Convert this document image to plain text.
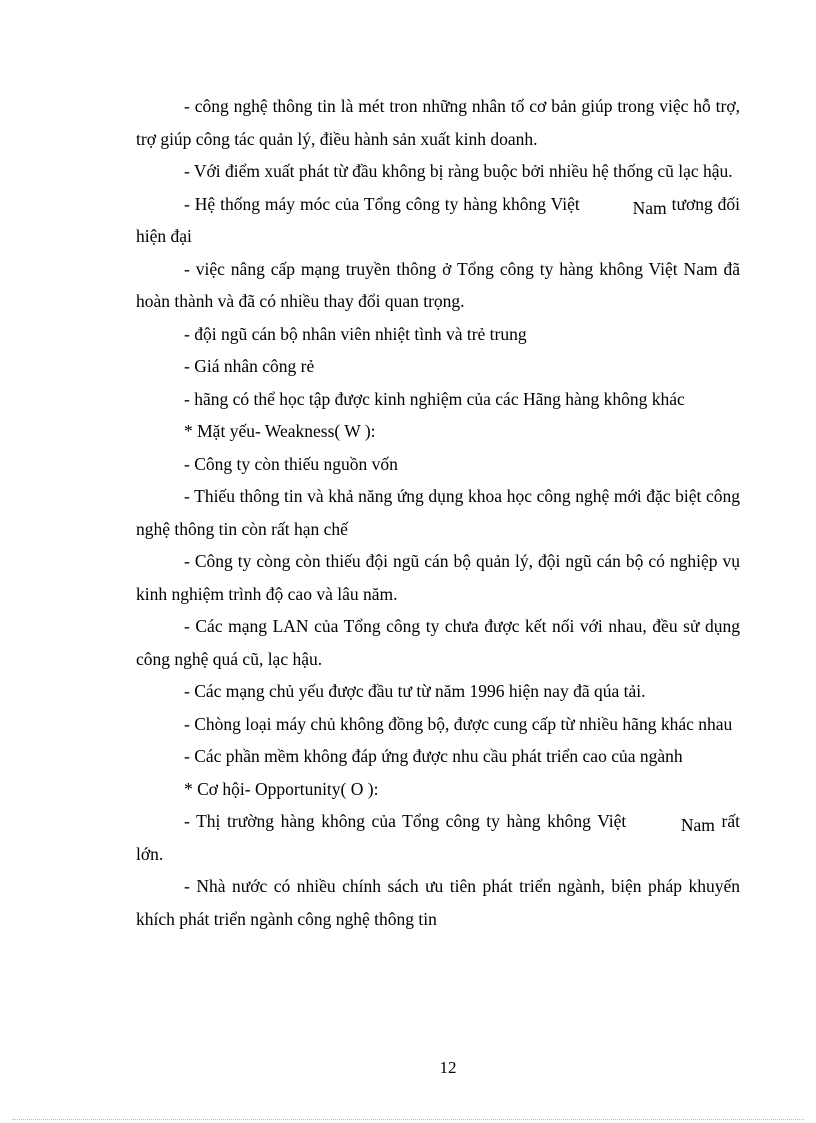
- công nghệ thông tin là mét tron những nhân tố cơ bản giúp trong việc hỗ trợ, trợ giúp công tác quản lý, điều hành sản xuất kinh doanh.

- Với điểm xuất phát từ đầu không bị ràng buộc bởi nhiều hệ thống cũ lạc hậu.

- Hệ thống máy móc của Tổng công ty hàng không Việt	Nam tương đối hiện đại

- việc nâng cấp mạng truyền thông ở Tổng công ty hàng không Việt Nam đã hoàn thành và đã có nhiều thay đổi quan trọng.

- đội ngũ cán bộ nhân viên nhiệt tình và trẻ trung

- Giá nhân công rẻ

- hãng có thể học tập được kinh nghiệm của các Hãng hàng không khác

* Mặt yếu- Weakness( W ):

- Công ty còn thiếu nguồn vốn

- Thiếu thông tin và khả năng ứng dụng khoa học công nghệ mới đặc biệt công nghệ thông tin còn rất hạn chế

- Công ty còng còn thiếu đội ngũ cán bộ quản lý, đội ngũ cán bộ có nghiệp vụ kinh nghiệm trình độ cao và lâu năm.

- Các mạng LAN của Tổng công ty chưa được kết nối với nhau, đều sử dụng công nghệ quá cũ, lạc hậu.

- Các mạng chủ yếu được đầu tư từ năm 1996 hiện nay đã qúa tải.

- Chòng loại máy chủ không đồng bộ, được cung cấp từ nhiều hãng khác nhau

- Các phần mềm không đáp ứng được nhu cầu phát triển cao của ngành

* Cơ hội- Opportunity( O ):

- Thị trường hàng không của Tổng công ty hàng không Việt	Nam rất lớn.

- Nhà nước có nhiều chính sách ưu tiên phát triển ngành, biện pháp khuyến khích phát triển ngành công nghệ thông tin

12
